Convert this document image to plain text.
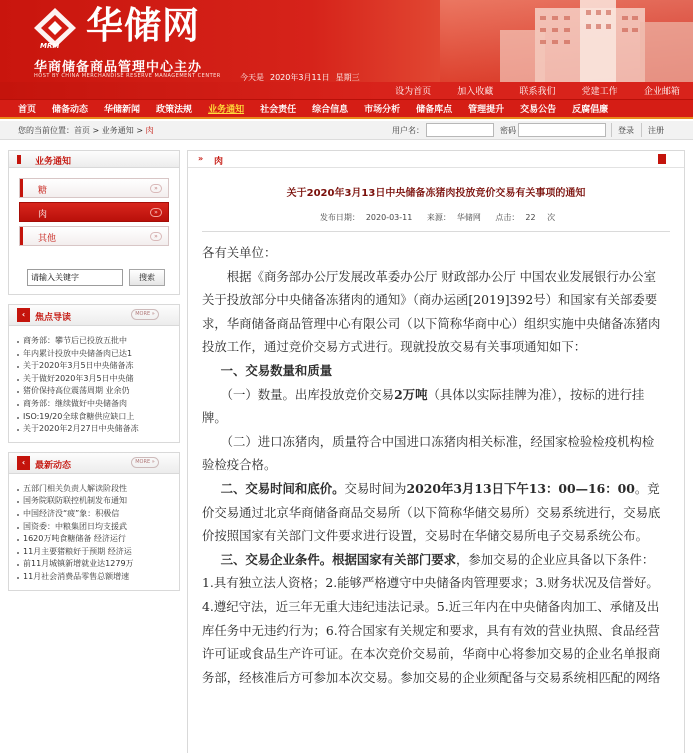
MRM 华储网
华商储备商品管理中心主办
HOST BY CHINA MERCHANDISE RESERVE MANAGEMENT CENTER 今天是 2020年3月11日 星期三
设为首页	加入收藏	联系我们	党建工作	企业邮箱
首页 储备动态 华储新闻 政策法规 业务通知 社会责任 综合信息 市场分析 储备库点 管理提升 交易公告 反腐倡廉
您的当前位置：首页 > 业务通知 > 肉	用户名：	密码	登录 注册
业务通知
糖	»
肉	»
其他	»
请输入关键字
搜索
‹	焦点导读	MORE »
商务部：攀节后已投放五批中
年内累计投放中央储备肉已达1
关于2020年3月5日中央储备冻
关于做好2020年3月5日中央储
猪价保持高位震荡周期 业余仍
商务部：继续做好中央储备肉
ISO:19/20全球食糖供应缺口上
关于2020年2月27日中央储备冻
‹	最新动态	MORE »
五部门相关负责人解读阶段性
国务院联防联控机制发布通知
中国经济没“疲”象：积极信
国资委：中粮集团日均支援武
1620万吨食糖储备 经济运行
11月主要猪粮好于预期 经济运
前11月城镇新增就业达1279万
11月社会消费品零售总额增速
» 肉
关于2020年3月13日中央储备冻猪肉投放竞价交易有关事项的通知
发布日期： 2020-03-11 来源： 华储网 点击： 22 次

各有关单位：

根据《商务部办公厅发展改革委办公厅 财政部办公厅 中国农业发展银行办公室关于投放部分中央储备冻猪肉的通知》（商办运函[2019]392号）和国家有关部委要求，华商储备商品管理中心有限公司（以下简称华商中心）组织实施中央储备冻猪肉投放工作，通过竞价交易方式进行。现就投放交易有关事项通知如下：

一、交易数量和质量

（一）数量。出库投放竞价交易2万吨（具体以实际挂牌为准），按标的进行挂牌。

（二）进口冻猪肉，质量符合中国进口冻猪肉相关标准，经国家检验检疫机构检验检疫合格。

二、交易时间和底价。交易时间为2020年3月13日下午13：00—16：00。竞价交易通过北京华商储备商品交易所（以下简称华储交易所）交易系统进行，交易底价按照国家有关部门文件要求进行设置，交易时在华储交易所电子交易系统公布。

三、交易企业条件。根据国家有关部门要求，参加交易的企业应具备以下条件：1.具有独立法人资格；2.能够严格遵守中央储备肉管理要求；3.财务状况及信誉好。4.遵纪守法，近三年无重大违纪违法记录。5.近三年内在中央储备肉加工、承储及出库任务中无违约行为；6.符合国家有关规定和要求，具有有效的营业执照、食品经营许可证或食品生产许可证。在本次竞价交易前，华商中心将参加交易的企业名单报商务部，经核准后方可参加本次交易。参加交易的企业须配备与交易系统相匹配的网络
